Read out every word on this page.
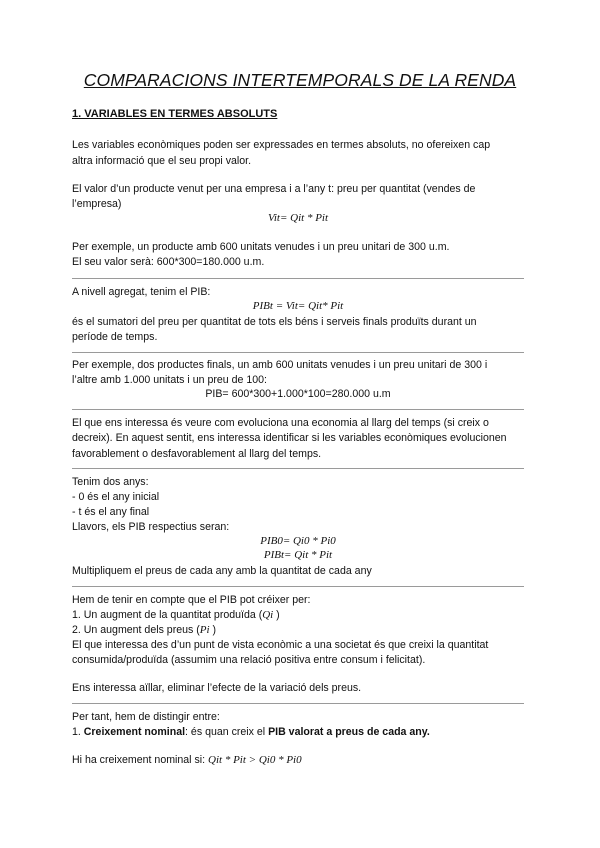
COMPARACIONS INTERTEMPORALS DE LA RENDA
1. VARIABLES EN TERMES ABSOLUTS
Les variables econòmiques poden ser expressades en termes absoluts, no ofereixen cap
altra informació que el seu propi valor.
El valor d’un producte venut per una empresa i a l’any t: preu per quantitat (vendes de
l’empresa)
Vit= Qit * Pit
Per exemple, un producte amb 600 unitats venudes i un preu unitari de 300 u.m.
El seu valor serà: 600*300=180.000 u.m.
A nivell agregat, tenim el PIB:
PIBt = Vit= Qit* Pit
és el sumatori del preu per quantitat de tots els béns i serveis finals produïts durant un
període de temps.
Per exemple, dos productes finals, un amb 600 unitats venudes i un preu unitari de 300 i
l’altre amb 1.000 unitats i un preu de 100:
PIB= 600*300+1.000*100=280.000 u.m
El que ens interessa és veure com evoluciona una economia al llarg del temps (si creix o
decreix). En aquest sentit, ens interessa identificar si les variables econòmiques evolucionen
favorablement o desfavorablement al llarg del temps.
Tenim dos anys:
- 0 és el any inicial
- t és el any final
Llavors, els PIB respectius seran:
PIB0= Qi0 * Pi0
PIBt= Qit * Pit
Multipliquem el preus de cada any amb la quantitat de cada any
Hem de tenir en compte que el PIB pot créixer per:
1. Un augment de la quantitat produïda (Qi )
2. Un augment dels preus (Pi )
El que interessa des d’un punt de vista econòmic a una societat és que creixi la quantitat
consumida/produïda (assumim una relació positiva entre consum i felicitat).
Ens interessa aïllar, eliminar l’efecte de la variació dels preus.
Per tant, hem de distingir entre:
1. Creixement nominal: és quan creix el PIB valorat a preus de cada any.
Hi ha creixement nominal si: Qit * Pit > Qi0 * Pi0
